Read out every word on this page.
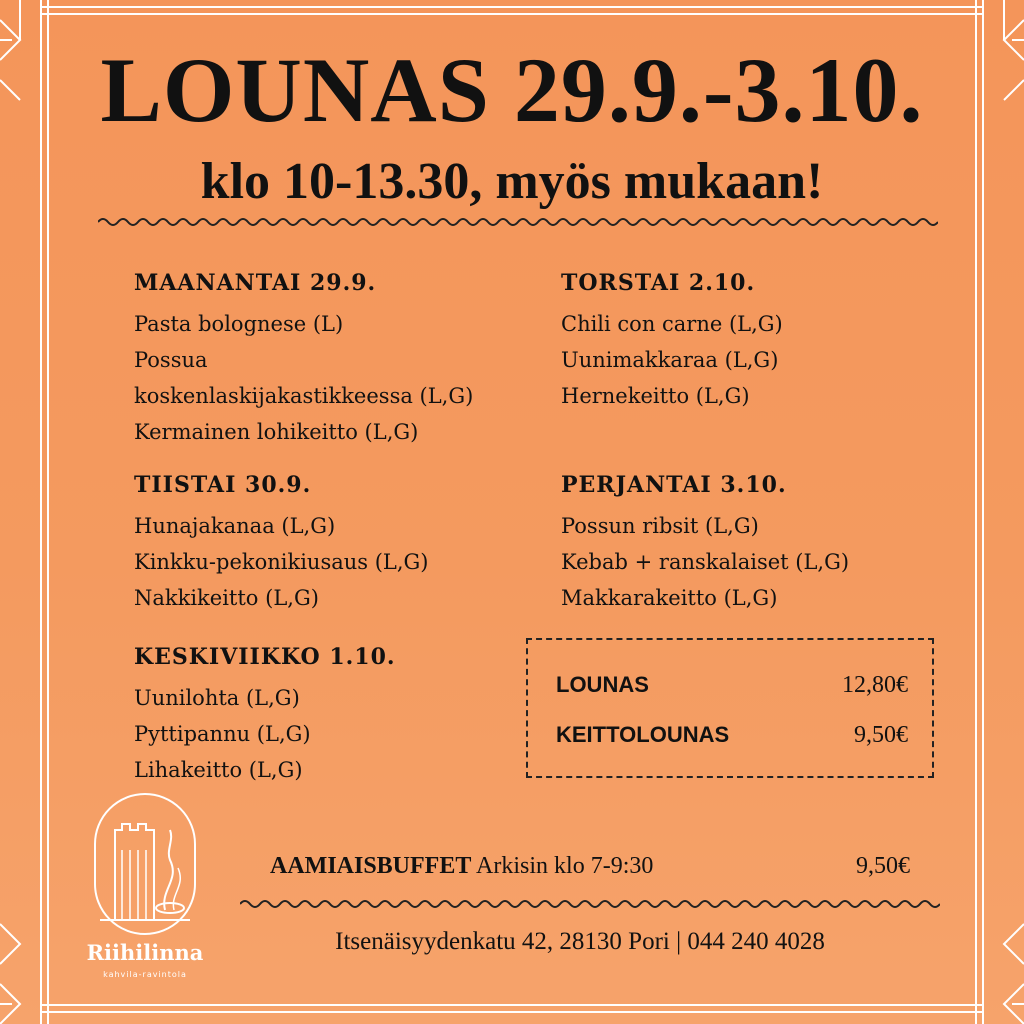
LOUNAS 29.9.-3.10.
klo 10-13.30, myös mukaan!
MAANANTAI 29.9.
Pasta bolognese (L)
Possua
koskenlaskijakastikkeessa (L,G)
Kermainen lohikeitto (L,G)
TIISTAI 30.9.
Hunajakanaa (L,G)
Kinkku-pekonikiusaus (L,G)
Nakkikeitto (L,G)
KESKIVIIKKO 1.10.
Uunilohta (L,G)
Pyttipannu (L,G)
Lihakeitto (L,G)
TORSTAI 2.10.
Chili con carne (L,G)
Uunimakkaraa (L,G)
Hernekeitto (L,G)
PERJANTAI 3.10.
Possun ribsit (L,G)
Kebab + ranskalaiset (L,G)
Makkarakeitto (L,G)
LOUNAS	12,80€
KEITTOLOUNAS	9,50€
Riihilinna
kahvila-ravintola
AAMIAISBUFFET Arkisin klo 7-9:30	9,50€
Itsenäisyydenkatu 42, 28130 Pori | 044 240 4028
